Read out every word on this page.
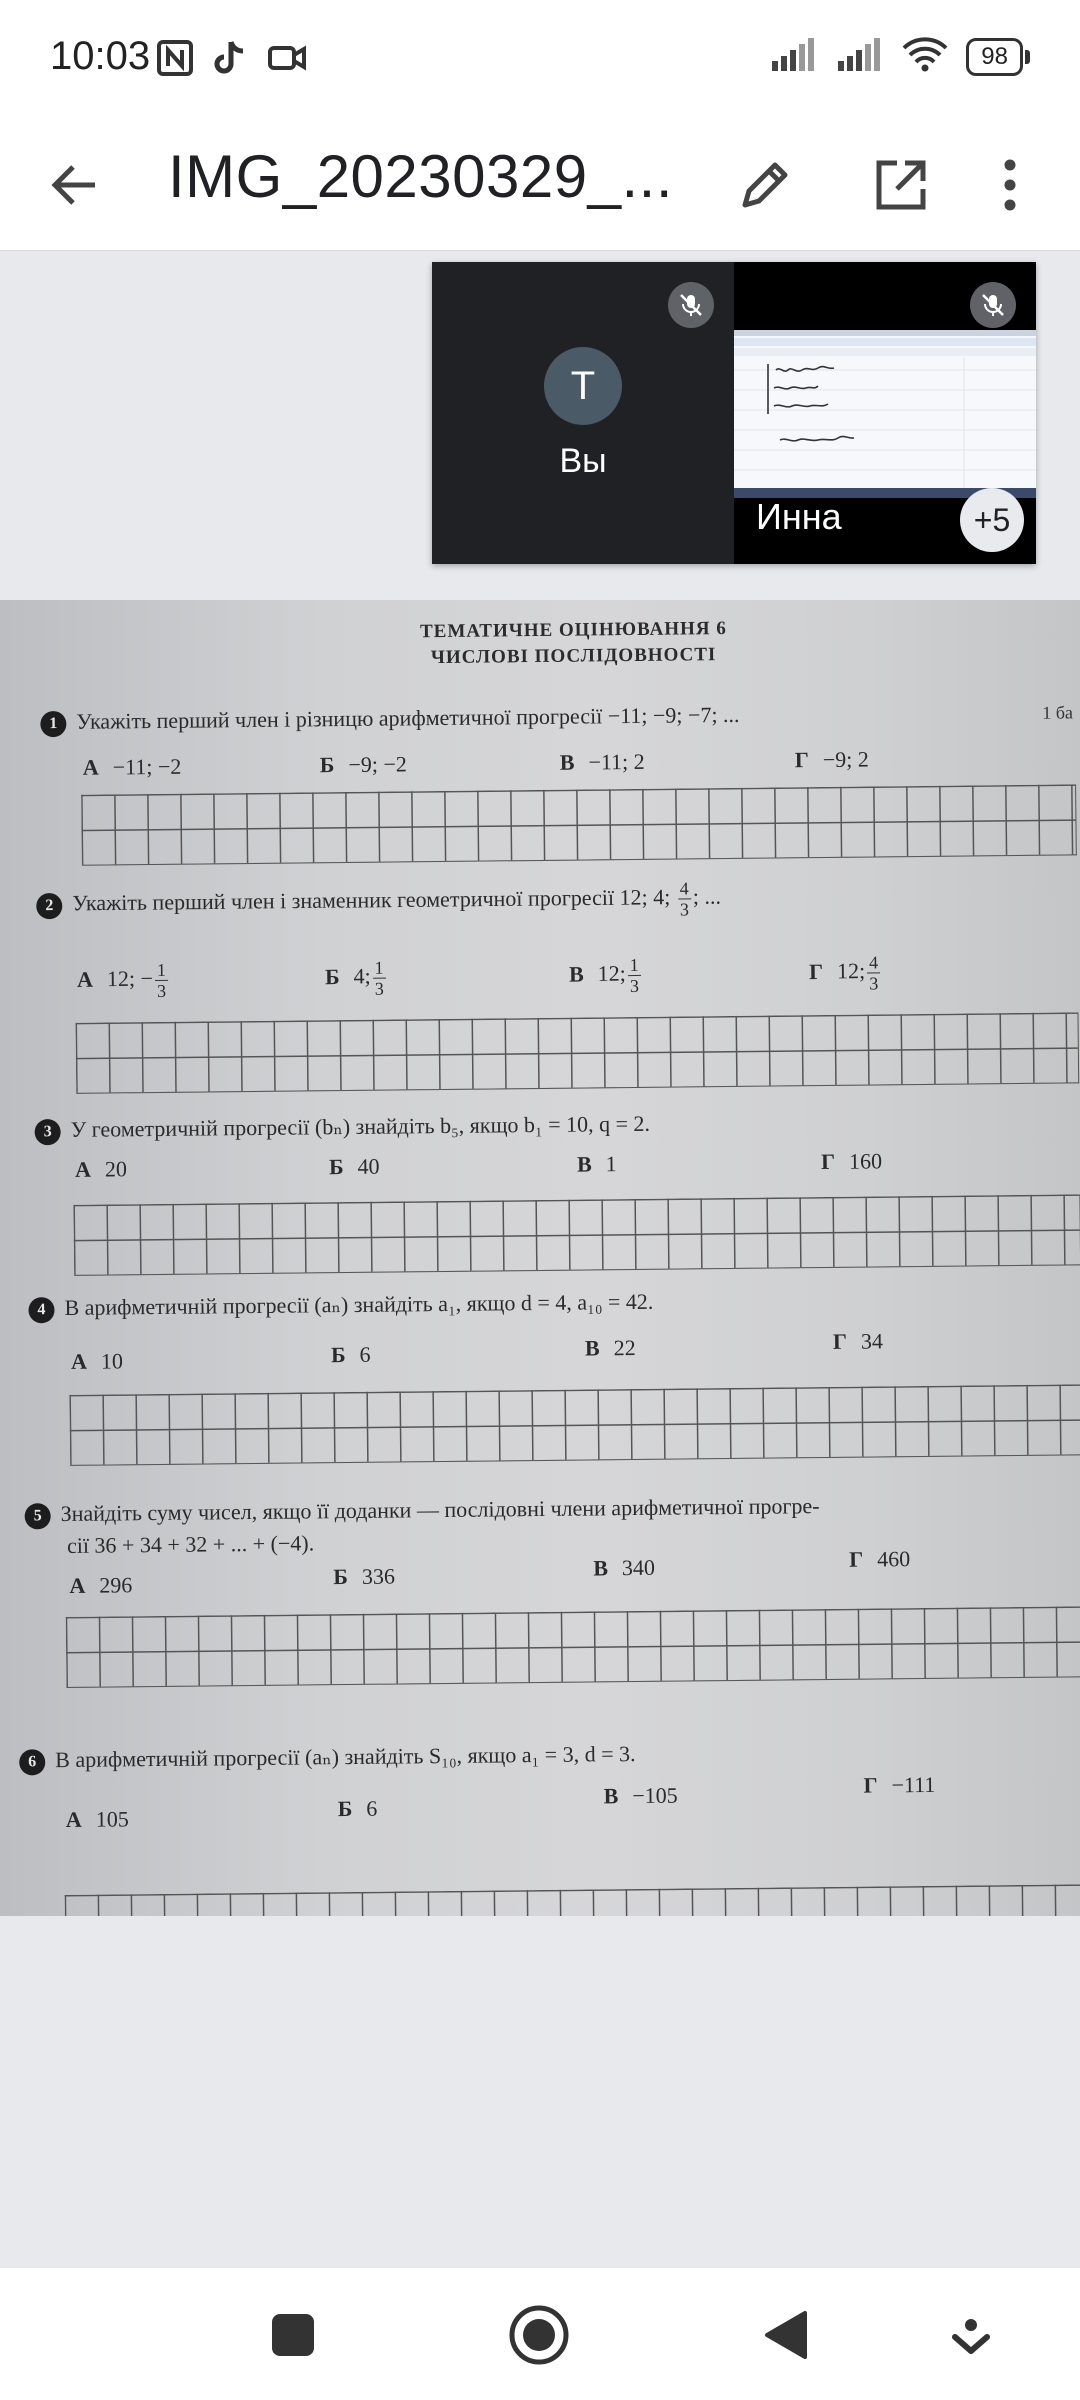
10:03	98
IMG_20230329_...
T
Вы
Инна	+5
ТЕМАТИЧНЕ ОЦІНЮВАННЯ 6
ЧИСЛОВІ ПОСЛІДОВНОСТІ
1 ба
1 Укажіть перший член і різницю арифметичної прогресії −11; −9; −7; ...
А −11; −2	Б −9; −2	В −11; 2	Г −9; 2
2 Укажіть перший член і знаменник геометричної прогресії 12; 4; $\frac{4}{3}$ ; ...
А 12; − $\frac{1}{3}$	Б 4; $\frac{1}{3}$	В 12; $\frac{1}{3}$	Г 12; $\frac{4}{3}$
3 У геометричній прогресії (bₙ) знайдіть b₅, якщо b₁ = 10, q = 2.
А 20	Б 40	В 1	Г 160
4 В арифметичній прогресії (aₙ) знайдіть a₁, якщо d = 4, a₁₀ = 42.
А 10	Б 6	В 22	Г 34
5 Знайдіть суму чисел, якщо її доданки — послідовні члени арифметичної прогре-
сії 36 + 34 + 32 + ... + (−4).
А 296	Б 336	В 340	Г 460
6 В арифметичній прогресії (aₙ) знайдіть S₁₀, якщо a₁ = 3, d = 3.
А 105	Б 6	В −105	Г −111
